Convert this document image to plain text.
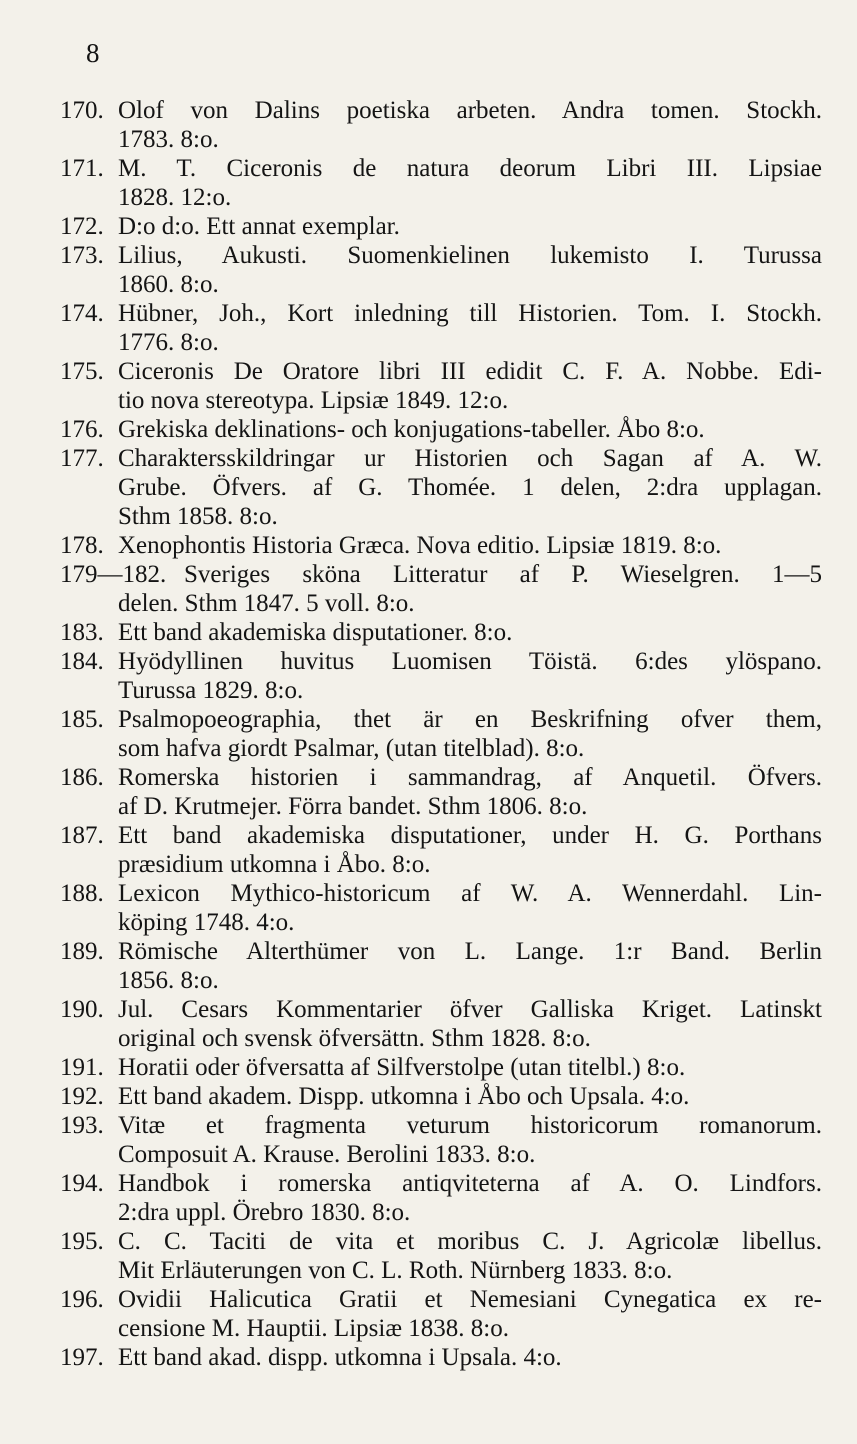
8
170. Olof von Dalins poetiska arbeten. Andra tomen. Stockh.
1783. 8:o.
171. M. T. Ciceronis de natura deorum Libri III. Lipsiae
1828. 12:o.
172. D:o d:o. Ett annat exemplar.
173. Lilius, Aukusti. Suomenkielinen lukemisto I. Turussa
1860. 8:o.
174. Hübner, Joh., Kort inledning till Historien. Tom. I. Stockh.
1776. 8:o.
175. Ciceronis De Oratore libri III edidit C. F. A. Nobbe. Edi-
tio nova stereotypa. Lipsiæ 1849. 12:o.
176. Grekiska deklinations- och konjugations-tabeller. Åbo 8:o.
177. Charaktersskildringar ur Historien och Sagan af A. W.
Grube. Öfvers. af G. Thomée. 1 delen, 2:dra upplagan.
Sthm 1858. 8:o.
178. Xenophontis Historia Græca. Nova editio. Lipsiæ 1819. 8:o.
179—182. Sveriges sköna Litteratur af P. Wieselgren. 1—5
delen. Sthm 1847. 5 voll. 8:o.
183. Ett band akademiska disputationer. 8:o.
184. Hyödyllinen huvitus Luomisen Töistä. 6:des ylöspano.
Turussa 1829. 8:o.
185. Psalmopoeographia, thet är en Beskrifning ofver them,
som hafva giordt Psalmar, (utan titelblad). 8:o.
186. Romerska historien i sammandrag, af Anquetil. Öfvers.
af D. Krutmejer. Förra bandet. Sthm 1806. 8:o.
187. Ett band akademiska disputationer, under H. G. Porthans
præsidium utkomna i Åbo. 8:o.
188. Lexicon Mythico-historicum af W. A. Wennerdahl. Lin-
köping 1748. 4:o.
189. Römische Alterthümer von L. Lange. 1:r Band. Berlin
1856. 8:o.
190. Jul. Cesars Kommentarier öfver Galliska Kriget. Latinskt
original och svensk öfversättn. Sthm 1828. 8:o.
191. Horatii oder öfversatta af Silfverstolpe (utan titelbl.) 8:o.
192. Ett band akadem. Dispp. utkomna i Åbo och Upsala. 4:o.
193. Vitæ et fragmenta veturum historicorum romanorum.
Composuit A. Krause. Berolini 1833. 8:o.
194. Handbok i romerska antiqviteterna af A. O. Lindfors.
2:dra uppl. Örebro 1830. 8:o.
195. C. C. Taciti de vita et moribus C. J. Agricolæ libellus.
Mit Erläuterungen von C. L. Roth. Nürnberg 1833. 8:o.
196. Ovidii Halicutica Gratii et Nemesiani Cynegatica ex re-
censione M. Hauptii. Lipsiæ 1838. 8:o.
197. Ett band akad. dispp. utkomna i Upsala. 4:o.
